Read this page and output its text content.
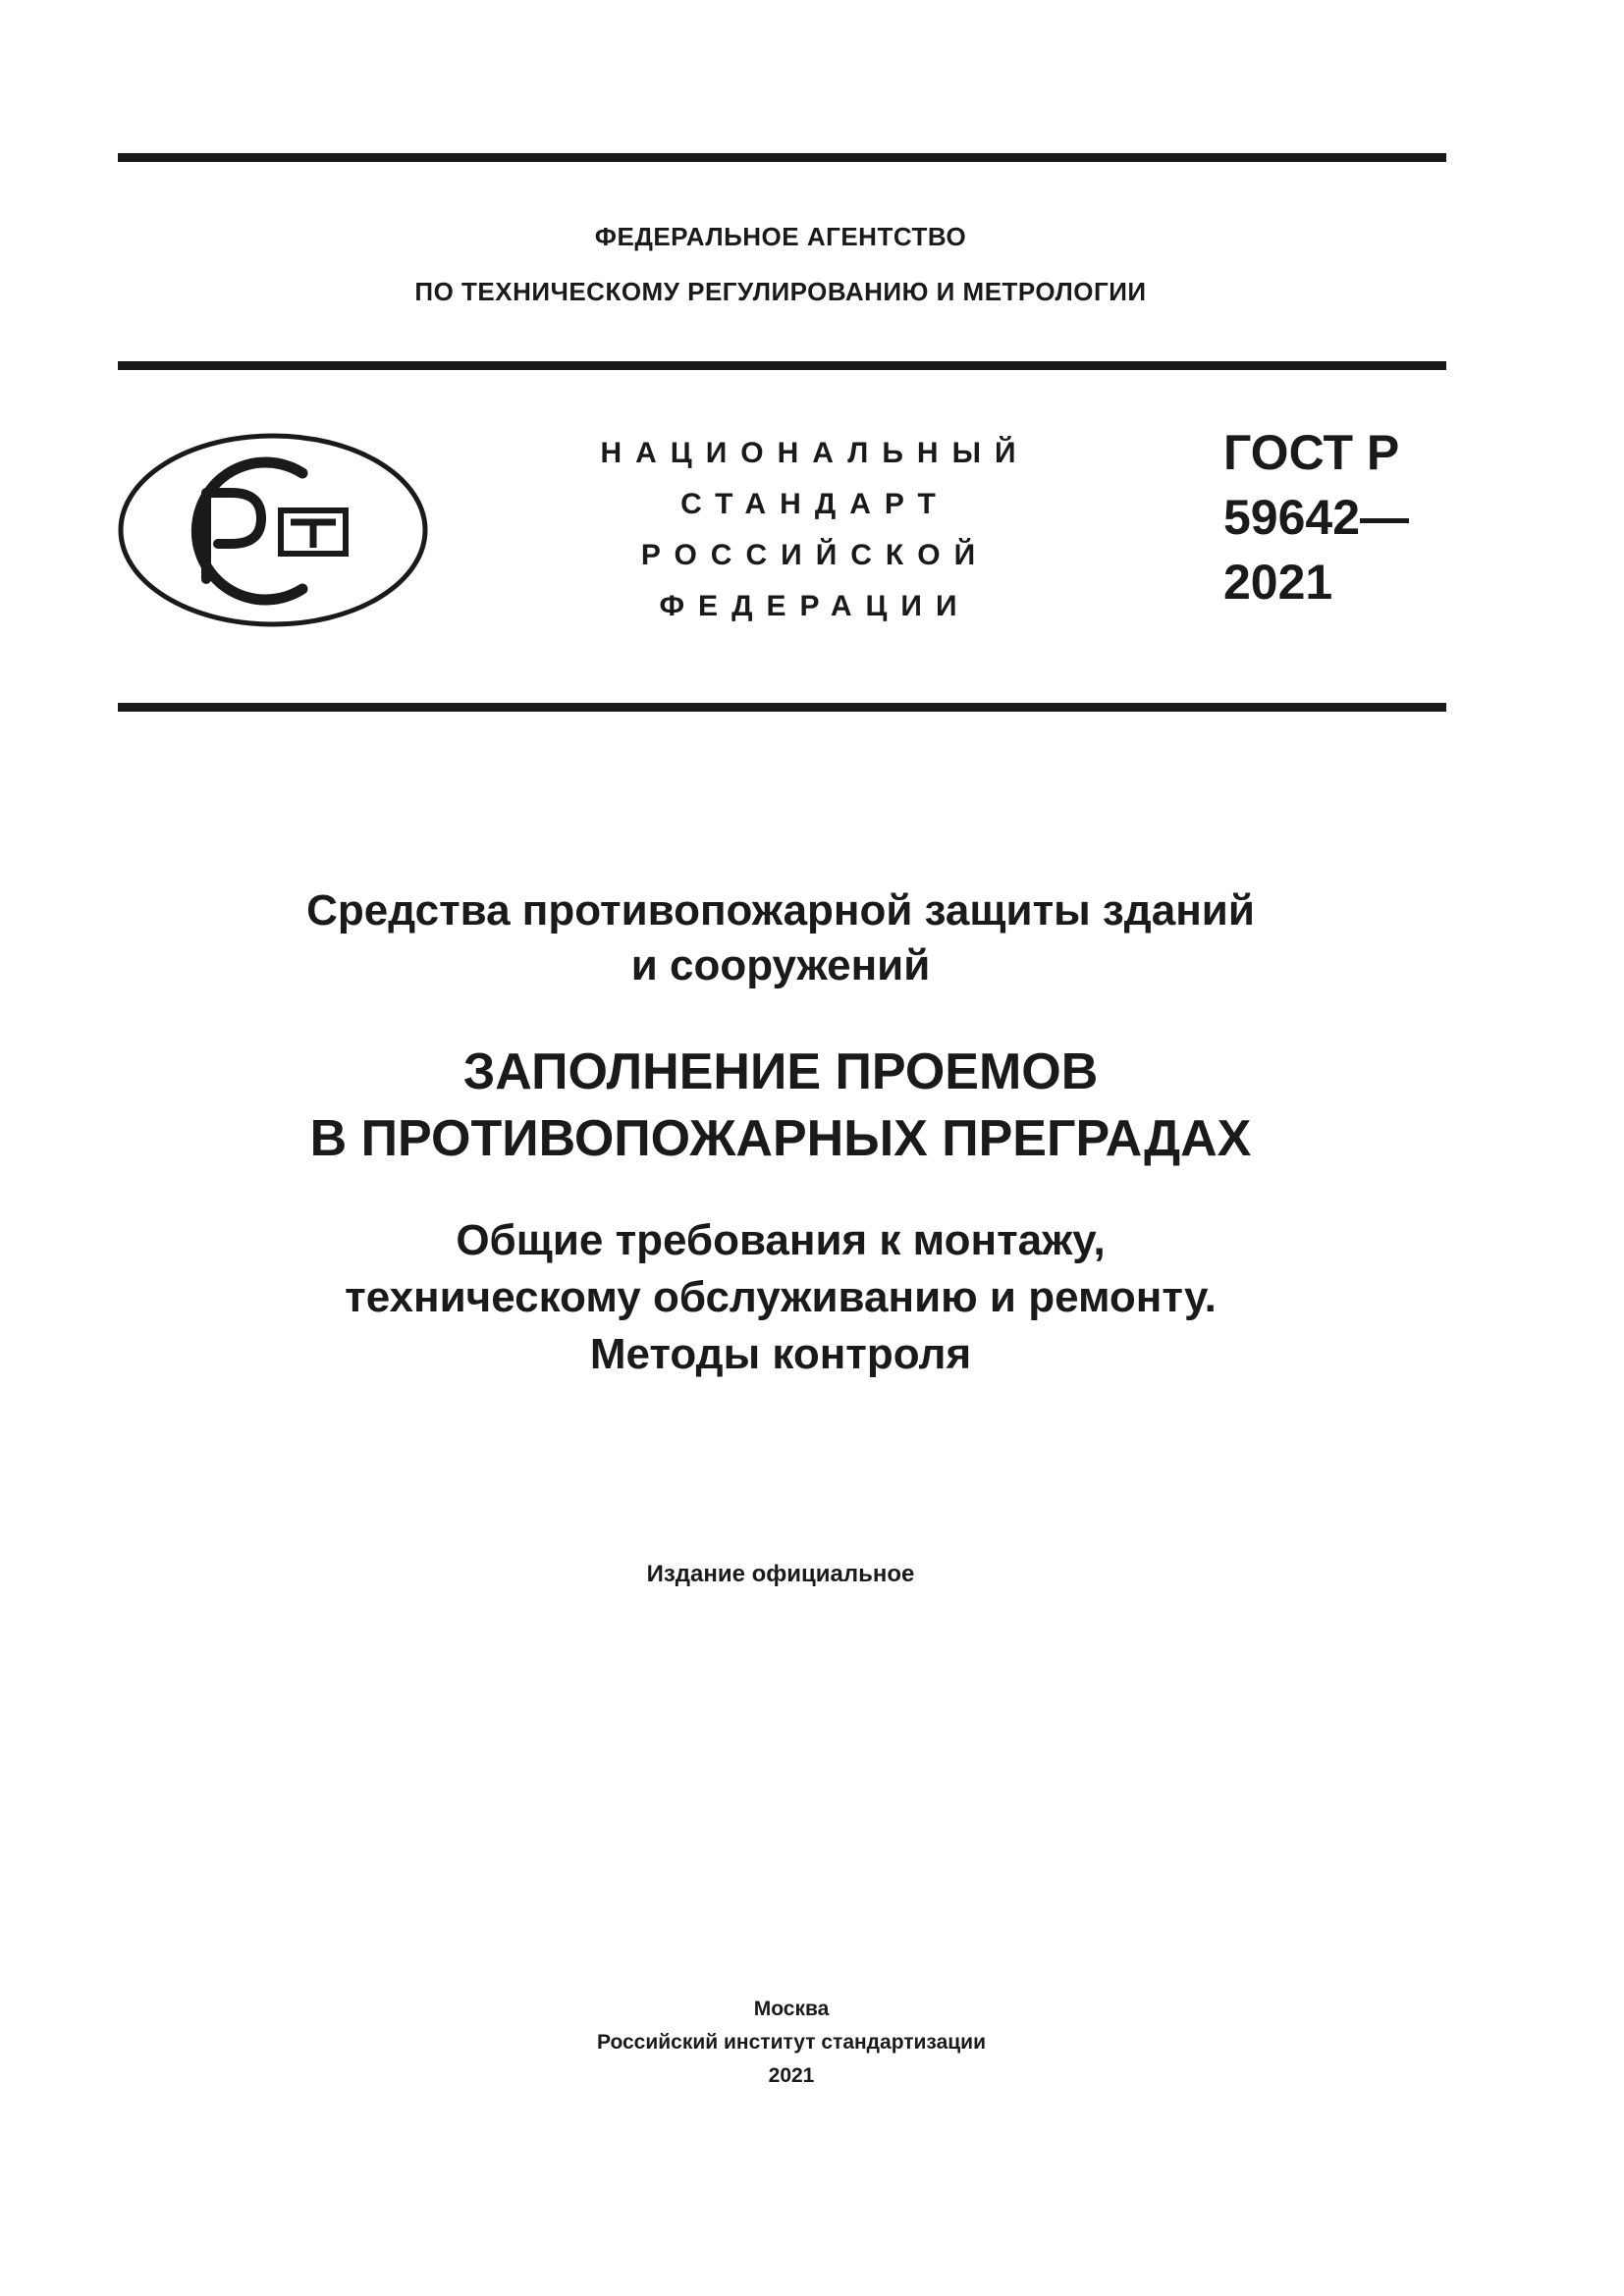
ФЕДЕРАЛЬНОЕ АГЕНТСТВО
ПО ТЕХНИЧЕСКОМУ РЕГУЛИРОВАНИЮ И МЕТРОЛОГИИ
НАЦИОНАЛЬНЫЙ
СТАНДАРТ
РОССИЙСКОЙ
ФЕДЕРАЦИИ
ГОСТ Р
59642—
2021
Средства противопожарной защиты зданий
и сооружений
ЗАПОЛНЕНИЕ ПРОЕМОВ
В ПРОТИВОПОЖАРНЫХ ПРЕГРАДАХ
Общие требования к монтажу,
техническому обслуживанию и ремонту.
Методы контроля
Издание официальное
Москва
Российский институт стандартизации
2021
